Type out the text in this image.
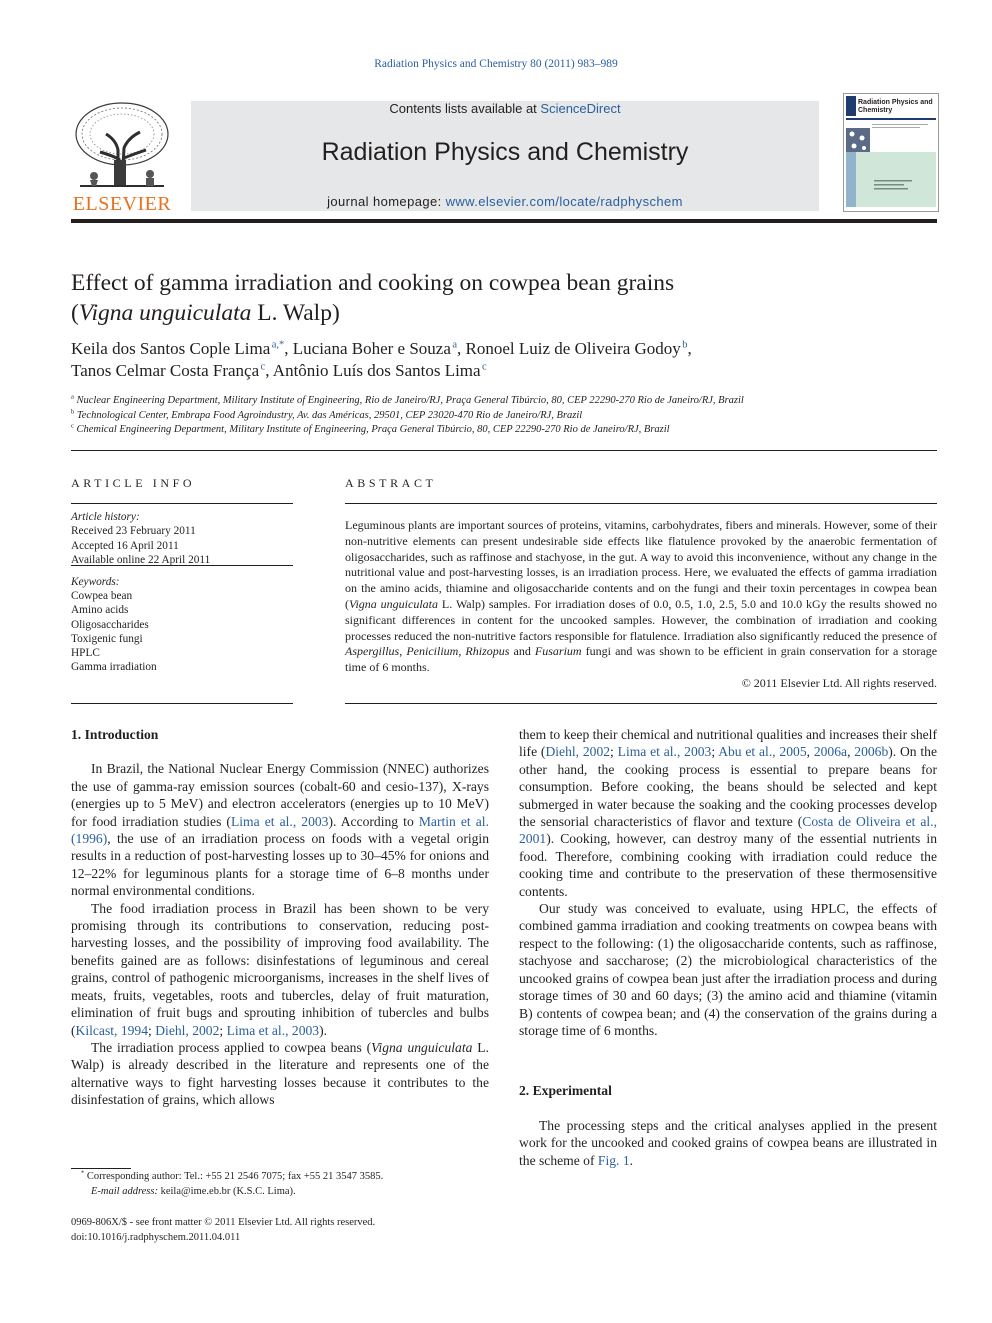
Radiation Physics and Chemistry 80 (2011) 983–989
ELSEVIER
Contents lists available at ScienceDirect
Radiation Physics and Chemistry
journal homepage: www.elsevier.com/locate/radphyschem
Radiation Physics and Chemistry
Effect of gamma irradiation and cooking on cowpea bean grains
(Vigna unguiculata L. Walp)
Keila dos Santos Cople Lima $^{a,*}$, Luciana Boher e Souza $^a$, Ronoel Luiz de Oliveira Godoy $^b$,
Tanos Celmar Costa França $^c$, Antônio Luís dos Santos Lima $^c$
$^a$ Nuclear Engineering Department, Military Institute of Engineering, Rio de Janeiro/RJ, Praça General Tibúrcio, 80, CEP 22290-270 Rio de Janeiro/RJ, Brazil
$^b$ Technological Center, Embrapa Food Agroindustry, Av. das Américas, 29501, CEP 23020-470 Rio de Janeiro/RJ, Brazil
$^c$ Chemical Engineering Department, Military Institute of Engineering, Praça General Tibúrcio, 80, CEP 22290-270 Rio de Janeiro/RJ, Brazil
ARTICLE INFO
Article history:
Received 23 February 2011
Accepted 16 April 2011
Available online 22 April 2011
Keywords:
Cowpea bean
Amino acids
Oligosaccharides
Toxigenic fungi
HPLC
Gamma irradiation
ABSTRACT
Leguminous plants are important sources of proteins, vitamins, carbohydrates, fibers and minerals. However, some of their non-nutritive elements can present undesirable side effects like flatulence provoked by the anaerobic fermentation of oligosaccharides, such as raffinose and stachyose, in the gut. A way to avoid this inconvenience, without any change in the nutritional value and post-harvesting losses, is an irradiation process. Here, we evaluated the effects of gamma irradiation on the amino acids, thiamine and oligosaccharide contents and on the fungi and their toxin percentages in cowpea bean (Vigna unguiculata L. Walp) samples. For irradiation doses of 0.0, 0.5, 1.0, 2.5, 5.0 and 10.0 kGy the results showed no significant differences in content for the uncooked samples. However, the combination of irradiation and cooking processes reduced the non-nutritive factors responsible for flatulence. Irradiation also significantly reduced the presence of Aspergillus, Penicilium, Rhizopus and Fusarium fungi and was shown to be efficient in grain conservation for a storage time of 6 months.
© 2011 Elsevier Ltd. All rights reserved.
1. Introduction

In Brazil, the National Nuclear Energy Commission (NNEC) authorizes the use of gamma-ray emission sources (cobalt-60 and cesio-137), X-rays (energies up to 5 MeV) and electron accelerators (energies up to 10 MeV) for food irradiation studies (Lima et al., 2003). According to Martin et al. (1996), the use of an irradiation process on foods with a vegetal origin results in a reduction of post-harvesting losses up to 30–45% for onions and 12–22% for leguminous plants for a storage time of 6–8 months under normal environmental conditions.

The food irradiation process in Brazil has been shown to be very promising through its contributions to conservation, reducing post-harvesting losses, and the possibility of improving food availability. The benefits gained are as follows: disinfestations of leguminous and cereal grains, control of pathogenic microorganisms, increases in the shelf lives of meats, fruits, vegetables, roots and tubercles, delay of fruit maturation, elimination of fruit bugs and sprouting inhibition of tubercles and bulbs (Kilcast, 1994; Diehl, 2002; Lima et al., 2003).

The irradiation process applied to cowpea beans (Vigna unguiculata L. Walp) is already described in the literature and represents one of the alternative ways to fight harvesting losses because it contributes to the disinfestation of grains, which allows

them to keep their chemical and nutritional qualities and increases their shelf life (Diehl, 2002; Lima et al., 2003; Abu et al., 2005, 2006a, 2006b). On the other hand, the cooking process is essential to prepare beans for consumption. Before cooking, the beans should be selected and kept submerged in water because the soaking and the cooking processes develop the sensorial characteristics of flavor and texture (Costa de Oliveira et al., 2001). Cooking, however, can destroy many of the essential nutrients in food. Therefore, combining cooking with irradiation could reduce the cooking time and contribute to the preservation of these thermosensitive contents.

Our study was conceived to evaluate, using HPLC, the effects of combined gamma irradiation and cooking treatments on cowpea beans with respect to the following: (1) the oligosaccharide contents, such as raffinose, stachyose and saccharose; (2) the microbiological characteristics of the uncooked grains of cowpea bean just after the irradiation process and during storage times of 30 and 60 days; (3) the amino acid and thiamine (vitamin B) contents of cowpea bean; and (4) the conservation of the grains during a storage time of 6 months.

2. Experimental

The processing steps and the critical analyses applied in the present work for the uncooked and cooked grains of cowpea beans are illustrated in the scheme of Fig. 1.

* Corresponding author: Tel.: +55 21 2546 7075; fax +55 21 3547 3585.
E-mail address: keila@ime.eb.br (K.S.C. Lima).
0969-806X/$ - see front matter © 2011 Elsevier Ltd. All rights reserved.
doi:10.1016/j.radphyschem.2011.04.011
